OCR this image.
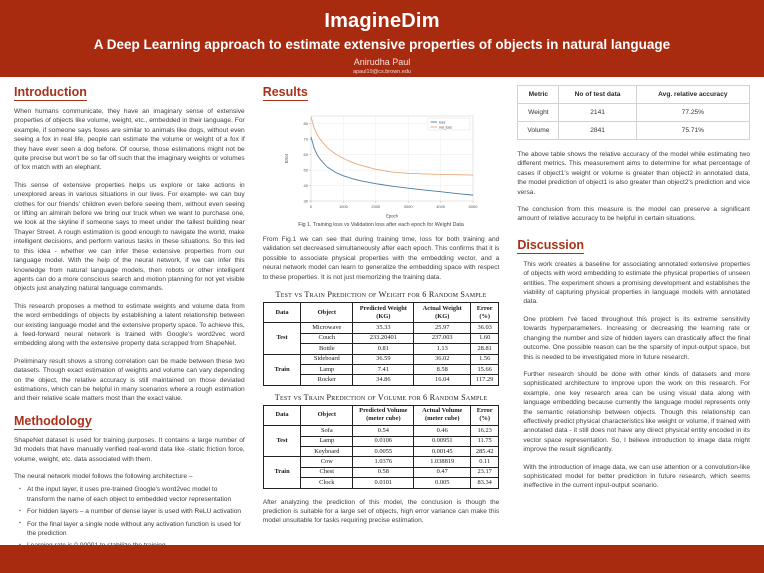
ImagineDim
A Deep Learning approach to estimate extensive properties of objects in natural language
Anirudha Paul
apaul19@cs.brown.edu
Introduction

When humans communicate, they have an imaginary sense of extensive properties of objects like volume, weight, etc., embedded in their language. For example, if someone says foxes are similar to animals like dogs, without even seeing a fox in real life, people can estimate the volume or weight of a fox if they have ever seen a dog before. Of course, those estimations might not be quite precise but won't be so far off such that the imaginary weights or volumes of fox match with an elephant.

This sense of extensive properties helps us explore or take actions in unexplored areas in various situations in our lives. For example- we can buy clothes for our friends' children even before seeing them, without even seeing or lifting an almirah before we bring our truck when we want to purchase one, we look at the skyline if someone says to meet under the tallest building near Thayer Street. A rough estimation is good enough to navigate the world, make intelligent decisions, and perform various tasks in these situations. So this led to this idea - whether we can infer these extensive properties from our language model. With the help of the neural network, if we can infer this knowledge from natural language models, then robots or other intelligent agents can do a more conscious search and motion planning for not yet visible objects just analyzing natural language commands.

This research proposes a method to estimate weights and volume data from the word embeddings of objects by establishing a latent relationship between our existing language model and the extensive property space. To achieve this, a feed-forward neural network is trained with Google's word2vec word embedding along with the extensive property data scrapped from ShapeNet.

Preliminary result shows a strong correlation can be made between these two datasets. Though exact estimation of weights and volume can vary depending on the object, the relative accuracy is still maintained on those deviated estimations, which can be helpful in many scenarios where a rough estimation and their relative scale matters most than the exact value.

Methodology

ShapeNet dataset is used for training purposes. It contains a large number of 3d models that have manually verified real-world data like -static friction force, volume, weight, etc. data associated with them.

The neural network model follows the following architecture –

▪ At the input layer, it uses pre-trained Google's word2vec model to transform the name of each object to embedded vector representation
▪ For hidden layers – a number of dense layer is used with ReLU activation
▪ For the final layer a single node without any activation function is used for the prediction
▪
Results
0	1000	2000	3000	4000	5000
30
40
50
60
70
80
Epoch
Error
loss
val_loss
Fig 1. Training loss vs Validation loss after each epoch for Weight Data

From Fig.1 we can see that during training time, loss for both training and validation set decreased simultaneously after each epoch. This confirms that it is possible to associate physical properties with the embedding vector, and a neural network model can learn to generalize the embedding space with respect to these properties. It is not just memorizing the training data.

Test vs Train Prediction of Weight for 6 Random Sample
Data	Object	Predicted Weight
(KG)	Actual Weight
(KG)	Error
(%)
Test	Microwave	35.33	25.97	36.03
	Couch	233.20401	237.003	1.60
	Bottle	0.81	1.13	28.81
Train	Sideboard	36.59	36.02	1.56
	Lamp	7.41	8.58	15.66
	Rocker	34.86	16.04	117.29
Test vs Train Prediction of Volume for 6 Random Sample
Data	Object	Predicted Volume
(meter cube)	Actual Volume
(meter cube)	Error
(%)
Test	Sofa	0.54	0.46	16.23
	Lamp	0.0106	0.00951	11.75
	Keyboard	0.0055	0.00145	285.42
Train	Cow	1.0376	1.038819	0.11
	Chest	0.58	0.47	23.17
	Clock	0.0101	0.005	83.34

After analyzing the prediction of this model, the conclusion is though the prediction is suitable for a large set of objects, high error variance can make this model unsuitable for tasks requiring precise estimation.

Metric	No of test data	Avg. relative accuracy
Weight	2141	77.25%
Volume	2841	75.71%

The above table shows the relative accuracy of the model while estimating two different metrics. This measurement aims to determine for what percentage of cases if object1's weight or volume is greater than object2 in annotated data, the model prediction of object1 is also greater than object2's prediction and vice versa.

The conclusion from this measure is the model can preserve a significant amount of relative accuracy to be helpful in certain situations.

Discussion

This work creates a baseline for associating annotated extensive properties of objects with word embedding to estimate the physical properties of unseen entities. The experiment shows a promising development and establishes the viability of capturing physical properties in language models with annotated data.

One problem I've faced throughout this project is its extreme sensitivity towards hyperparameters. Increasing or decreasing the learning rate or changing the number and size of hidden layers can drastically affect the final outcome. One possible reason can be the sparsity of input-output space, but this is needed to be investigated more in future research.

Further research should be done with other kinds of datasets and more sophisticated architecture to improve upon the work on this research. For example, one key research area can be using visual data along with language embedding because currently the language model represents only the semantic relationship between objects. Though this relationship can effectively predict physical characteristics like weight or volume, if trained with annotated data - it still does not have any direct physical entity encoded in its vector space representation. So, I believe introduction to image data might improve the result significantly.

With the introduction of image data, we can use attention or a convolution-like sophisticated model for better prediction in future research, which seems ineffective in the current input-output scenario.
